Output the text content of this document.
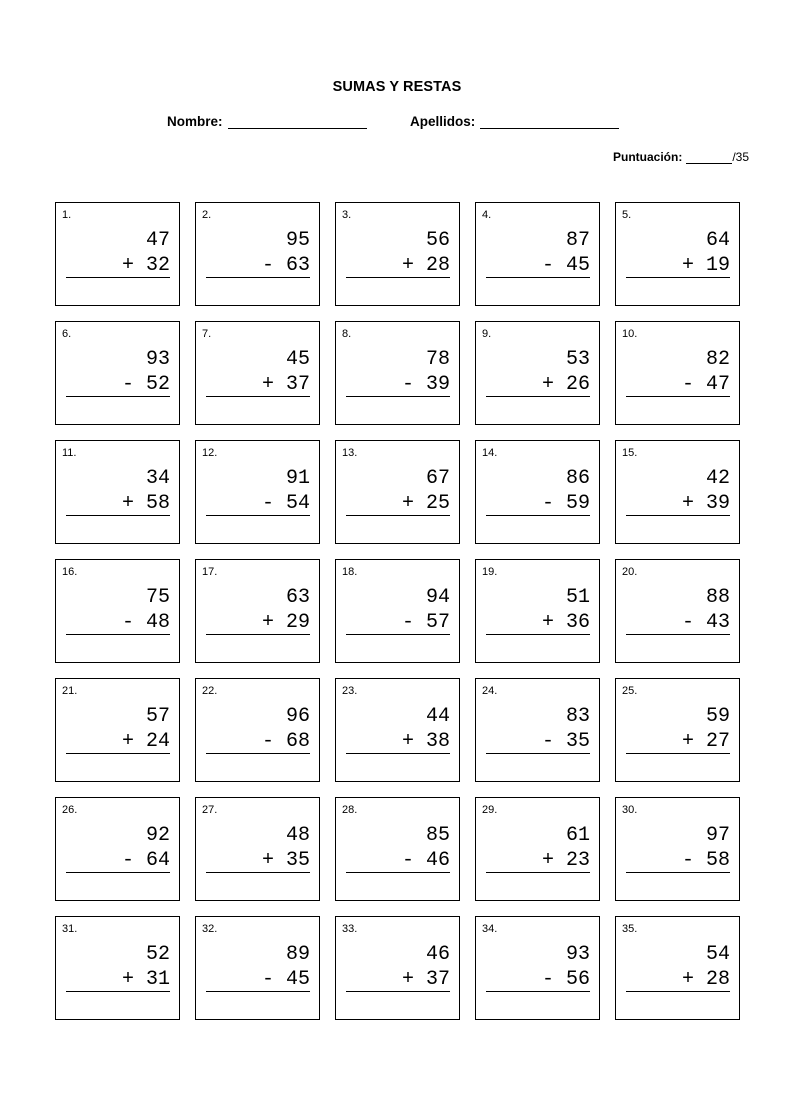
SUMAS Y RESTAS
Nombre:	Apellidos:
Puntuación:	/35
1.
47
+ 32
2.
95
- 63
3.
56
+ 28
4.
87
- 45
5.
64
+ 19
6.
93
- 52
7.
45
+ 37
8.
78
- 39
9.
53
+ 26
10.
82
- 47
11.
34
+ 58
12.
91
- 54
13.
67
+ 25
14.
86
- 59
15.
42
+ 39
16.
75
- 48
17.
63
+ 29
18.
94
- 57
19.
51
+ 36
20.
88
- 43
21.
57
+ 24
22.
96
- 68
23.
44
+ 38
24.
83
- 35
25.
59
+ 27
26.
92
- 64
27.
48
+ 35
28.
85
- 46
29.
61
+ 23
30.
97
- 58
31.
52
+ 31
32.
89
- 45
33.
46
+ 37
34.
93
- 56
35.
54
+ 28
